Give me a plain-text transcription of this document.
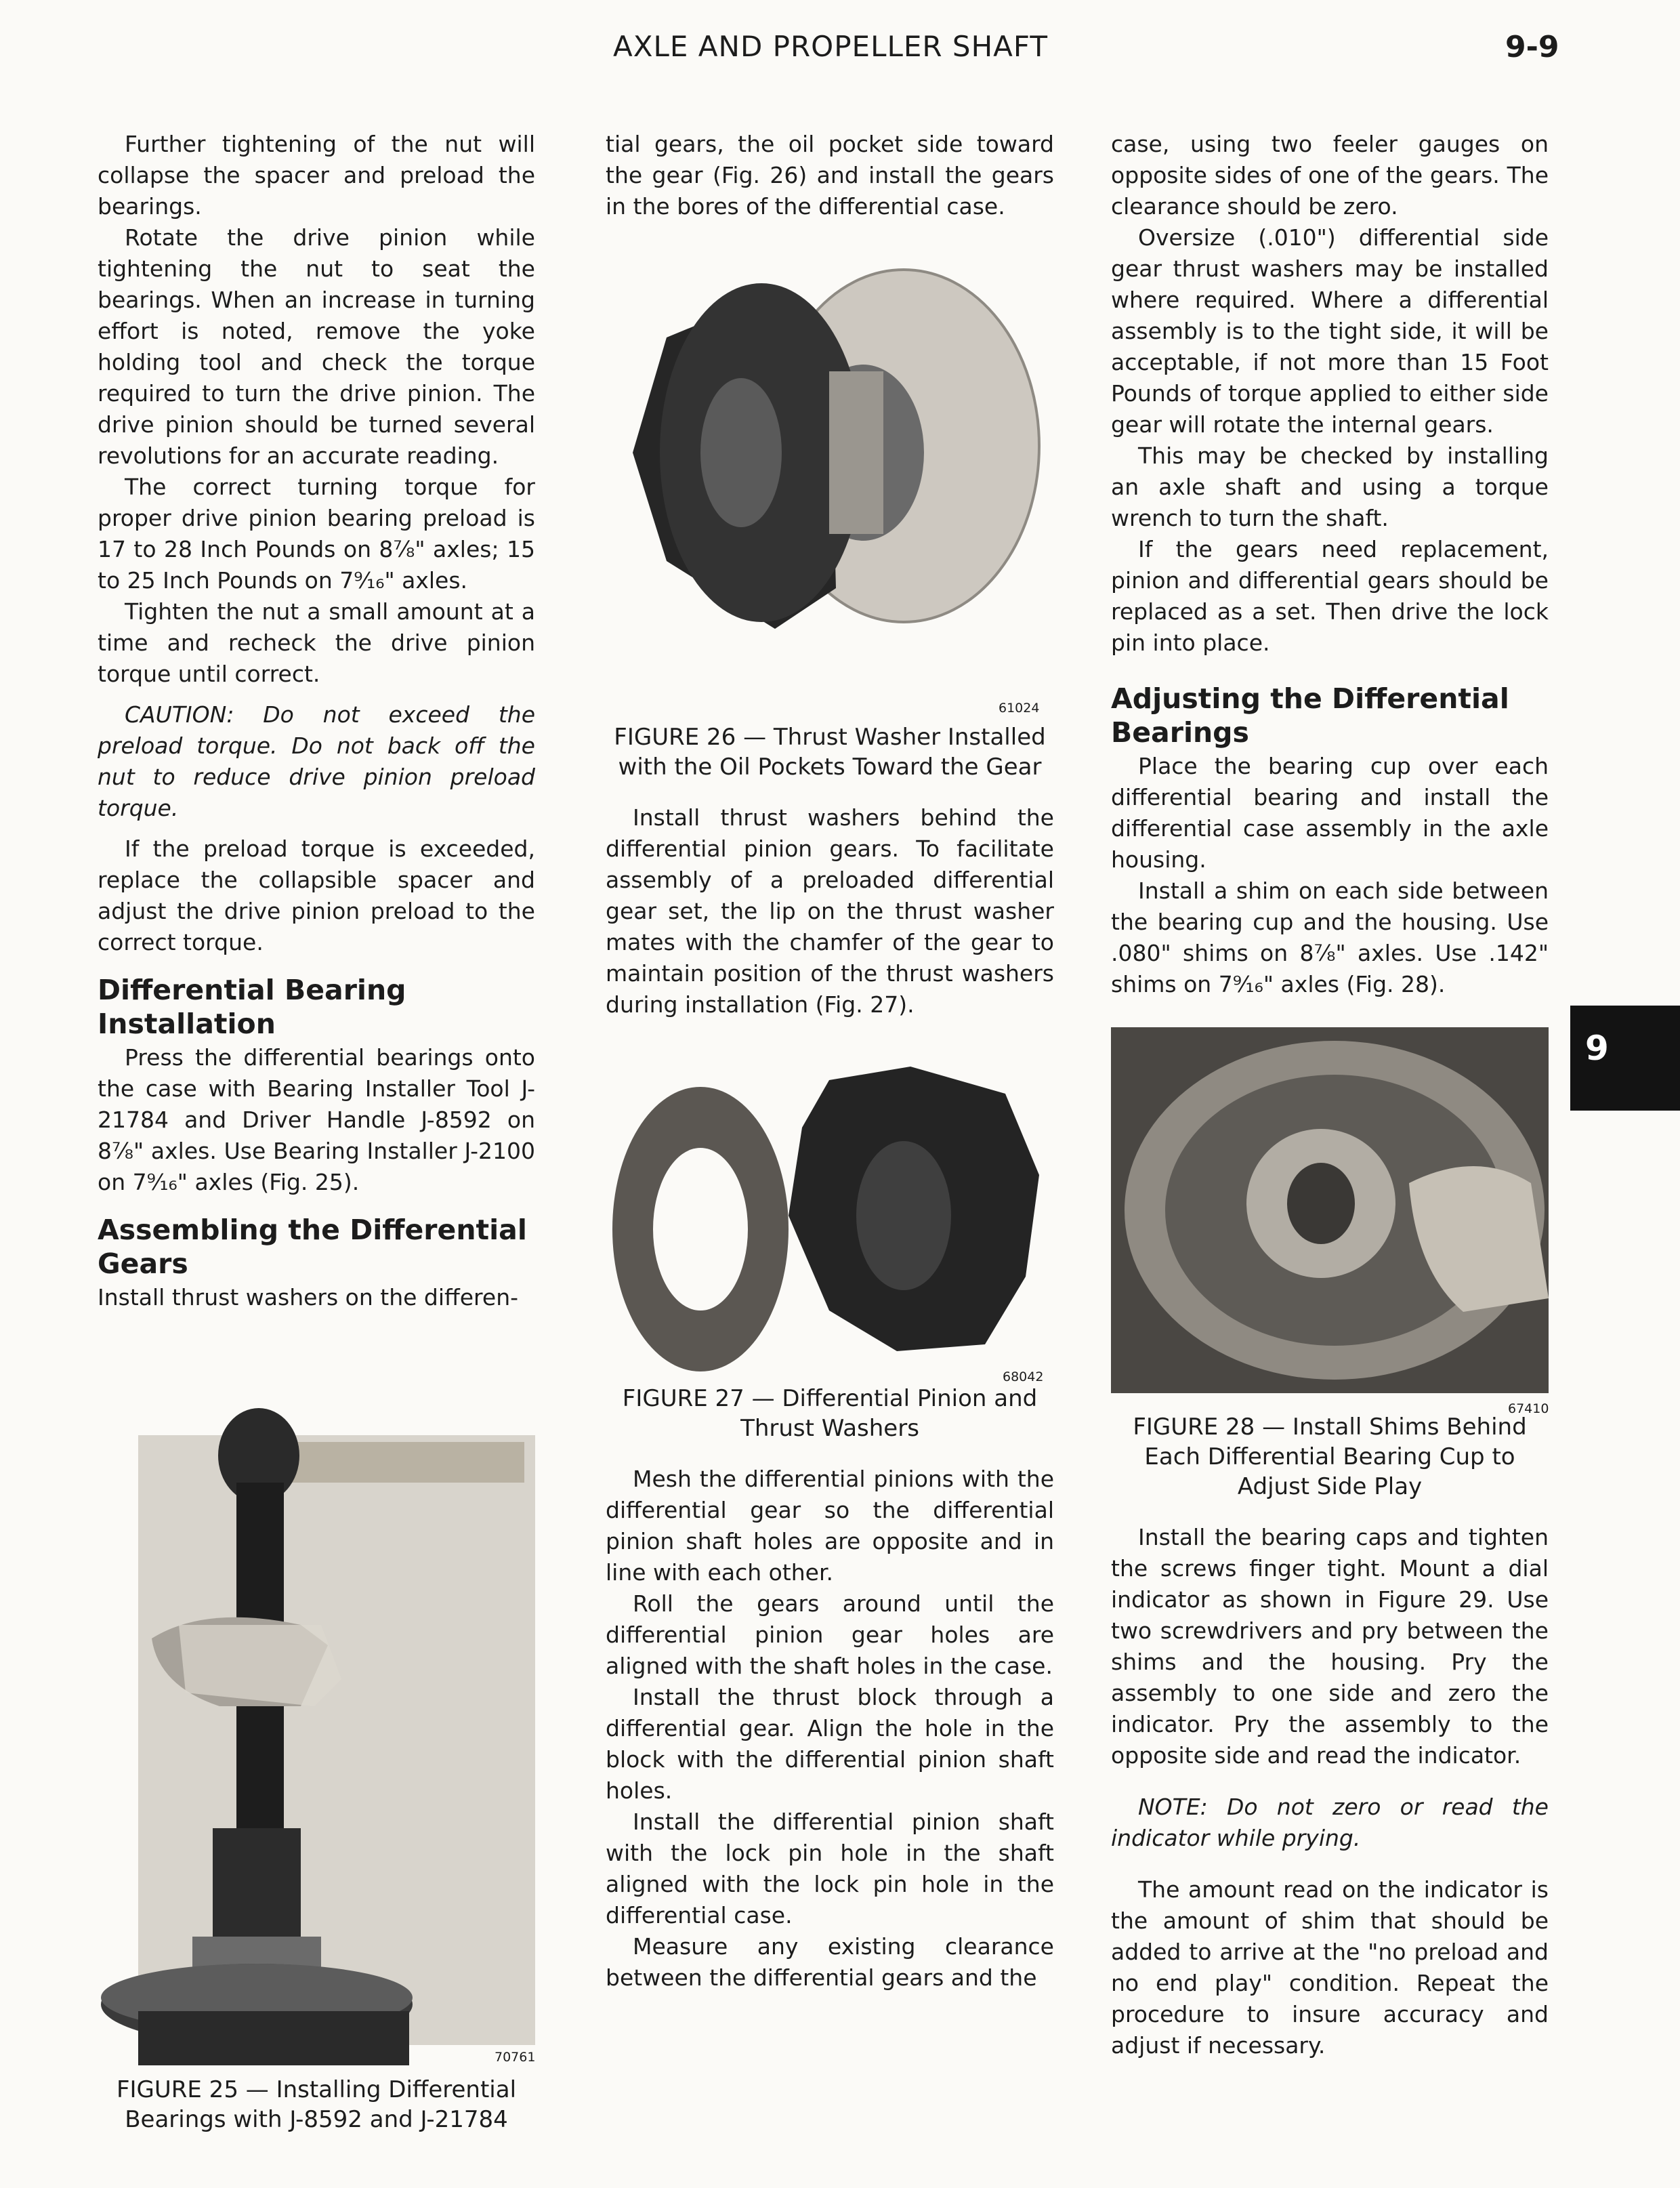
AXLE AND PROPELLER SHAFT	9-9

Further tightening of the nut will collapse the spacer and preload the bearings.

Rotate the drive pinion while tightening the nut to seat the bearings. When an increase in turning effort is noted, remove the yoke holding tool and check the torque required to turn the drive pinion. The drive pinion should be turned several revolutions for an accurate reading.

The correct turning torque for proper drive pinion bearing preload is 17 to 28 Inch Pounds on 8⅞" axles; 15 to 25 Inch Pounds on 7⁹⁄₁₆" axles.

Tighten the nut a small amount at a time and recheck the drive pinion torque until correct.

CAUTION: Do not exceed the preload torque. Do not back off the nut to reduce drive pinion preload torque.

If the preload torque is exceeded, replace the collapsible spacer and adjust the drive pinion preload to the correct torque.

Differential Bearing Installation

Press the differential bearings onto the case with Bearing Installer Tool J-21784 and Driver Handle J-8592 on 8⅞" axles. Use Bearing Installer J-2100 on 7⁹⁄₁₆" axles (Fig. 25).

Assembling the Differential Gears

Install thrust washers on the differen-

70761
FIGURE 25 — Installing Differential Bearings with J-8592 and J-21784

tial gears, the oil pocket side toward the gear (Fig. 26) and install the gears in the bores of the differential case.

61024
FIGURE 26 — Thrust Washer Installed with the Oil Pockets Toward the Gear

Install thrust washers behind the differential pinion gears. To facilitate assembly of a preloaded differential gear set, the lip on the thrust washer mates with the chamfer of the gear to maintain position of the thrust washers during installation (Fig. 27).

68042
FIGURE 27 — Differential Pinion and Thrust Washers

Mesh the differential pinions with the differential gear so the differential pinion shaft holes are opposite and in line with each other.

Roll the gears around until the differential pinion gear holes are aligned with the shaft holes in the case.

Install the thrust block through a differential gear. Align the hole in the block with the differential pinion shaft holes.

Install the differential pinion shaft with the lock pin hole in the shaft aligned with the lock pin hole in the differential case.

Measure any existing clearance between the differential gears and the

case, using two feeler gauges on opposite sides of one of the gears. The clearance should be zero.

Oversize (.010") differential side gear thrust washers may be installed where required. Where a differential assembly is to the tight side, it will be acceptable, if not more than 15 Foot Pounds of torque applied to either side gear will rotate the internal gears.

This may be checked by installing an axle shaft and using a torque wrench to turn the shaft.

If the gears need replacement, pinion and differential gears should be replaced as a set. Then drive the lock pin into place.

Adjusting the Differential Bearings

Place the bearing cup over each differential bearing and install the differential case assembly in the axle housing.

Install a shim on each side between the bearing cup and the housing. Use .080" shims on 8⅞" axles. Use .142" shims on 7⁹⁄₁₆" axles (Fig. 28).

67410
FIGURE 28 — Install Shims Behind Each Differential Bearing Cup to Adjust Side Play

Install the bearing caps and tighten the screws finger tight. Mount a dial indicator as shown in Figure 29. Use two screwdrivers and pry between the shims and the housing. Pry the assembly to one side and zero the indicator. Pry the assembly to the opposite side and read the indicator.

NOTE: Do not zero or read the indicator while prying.

The amount read on the indicator is the amount of shim that should be added to arrive at the "no preload and no end play" condition. Repeat the procedure to insure accuracy and adjust if necessary.

9
